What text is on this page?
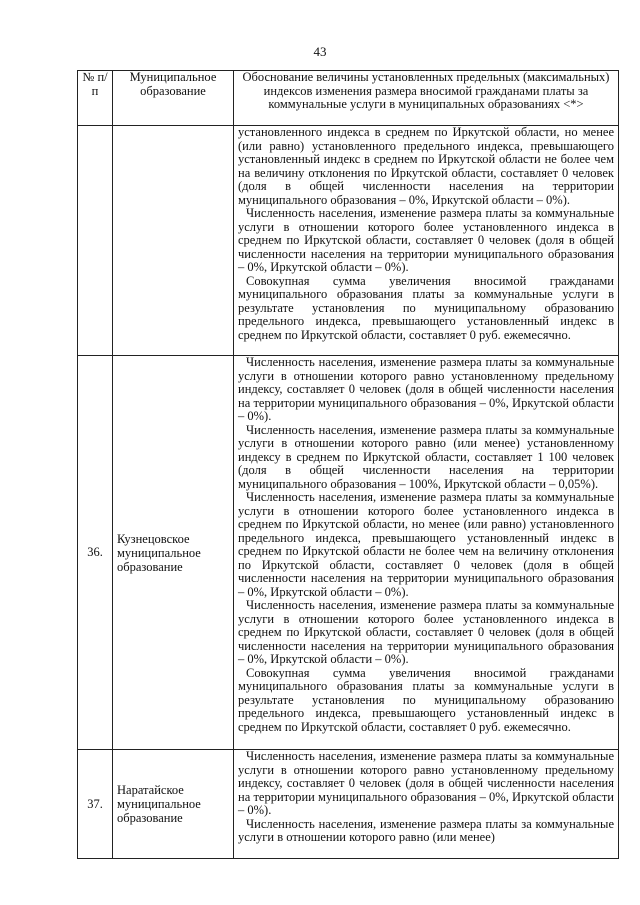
43
№ п/п	Муниципальное образование	Обоснование величины установленных предельных (максимальных) индексов изменения размера вносимой гражданами платы за коммунальные услуги в муниципальных образованиях <*>

		установленного индекса в среднем по Иркутской области, но менее (или равно) установленного предельного индекса, превышающего установленный индекс в среднем по Иркутской области не более чем на величину отклонения по Иркутской области, составляет 0 человек (доля в общей численности населения на территории муниципального образования – 0%, Иркутской области – 0%).

Численность населения, изменение размера платы за коммунальные услуги в отношении которого более установленного индекса в среднем по Иркутской области, составляет 0 человек (доля в общей численности населения на территории муниципального образования – 0%, Иркутской области – 0%).

Совокупная сумма увеличения вносимой гражданами муниципального образования платы за коммунальные услуги в результате установления по муниципальному образованию предельного индекса, превышающего установленный индекс в среднем по Иркутской области, составляет 0 руб. ежемесячно.

36.	Кузнецовское муниципальное образование	Численность населения, изменение размера платы за коммунальные услуги в отношении которого равно установленному предельному индексу, составляет 0 человек (доля в общей численности населения на территории муниципального образования – 0%, Иркутской области – 0%).

Численность населения, изменение размера платы за коммунальные услуги в отношении которого равно (или менее) установленному индексу в среднем по Иркутской области, составляет 1 100 человек (доля в общей численности населения на территории муниципального образования – 100%, Иркутской области – 0,05%).

Численность населения, изменение размера платы за коммунальные услуги в отношении которого более установленного индекса в среднем по Иркутской области, но менее (или равно) установленного предельного индекса, превышающего установленный индекс в среднем по Иркутской области не более чем на величину отклонения по Иркутской области, составляет 0 человек (доля в общей численности населения на территории муниципального образования – 0%, Иркутской области – 0%).

Численность населения, изменение размера платы за коммунальные услуги в отношении которого более установленного индекса в среднем по Иркутской области, составляет 0 человек (доля в общей численности населения на территории муниципального образования – 0%, Иркутской области – 0%).

Совокупная сумма увеличения вносимой гражданами муниципального образования платы за коммунальные услуги в результате установления по муниципальному образованию предельного индекса, превышающего установленный индекс в среднем по Иркутской области, составляет 0 руб. ежемесячно.

37.	Наратайское муниципальное образование	Численность населения, изменение размера платы за коммунальные услуги в отношении которого равно установленному предельному индексу, составляет 0 человек (доля в общей численности населения на территории муниципального образования – 0%, Иркутской области – 0%).

Численность населения, изменение размера платы за коммунальные услуги в отношении которого равно (или менее)
